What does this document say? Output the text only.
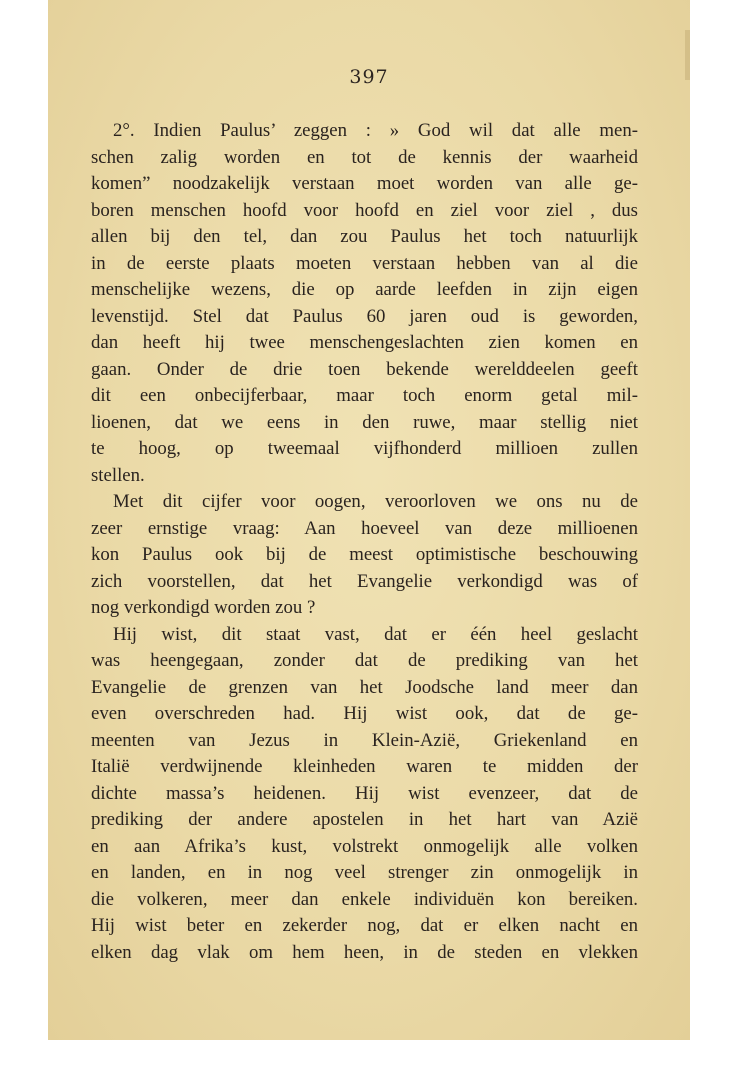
397

2°. Indien Paulus’ zeggen : » God wil dat alle men-
schen zalig worden en tot de kennis der waarheid
komen” noodzakelijk verstaan moet worden van alle ge-
boren menschen hoofd voor hoofd en ziel voor ziel , dus
allen bij den tel, dan zou Paulus het toch natuurlijk
in de eerste plaats moeten verstaan hebben van al die
menschelijke wezens, die op aarde leefden in zijn eigen
levenstijd. Stel dat Paulus 60 jaren oud is geworden,
dan heeft hij twee menschengeslachten zien komen en
gaan. Onder de drie toen bekende werelddeelen geeft
dit een onbecijferbaar, maar toch enorm getal mil-
lioenen, dat we eens in den ruwe, maar stellig niet
te hoog, op tweemaal vijfhonderd millioen zullen
stellen.
Met dit cijfer voor oogen, veroorloven we ons nu de
zeer ernstige vraag: Aan hoeveel van deze millioenen
kon Paulus ook bij de meest optimistische beschouwing
zich voorstellen, dat het Evangelie verkondigd was of
nog verkondigd worden zou ?
Hij wist, dit staat vast, dat er één heel geslacht
was heengegaan, zonder dat de prediking van het
Evangelie de grenzen van het Joodsche land meer dan
even overschreden had. Hij wist ook, dat de ge-
meenten van Jezus in Klein-Azië, Griekenland en
Italië verdwijnende kleinheden waren te midden der
dichte massa’s heidenen. Hij wist evenzeer, dat de
prediking der andere apostelen in het hart van Azië
en aan Afrika’s kust, volstrekt onmogelijk alle volken
en landen, en in nog veel strenger zin onmogelijk in
die volkeren, meer dan enkele individuën kon bereiken.
Hij wist beter en zekerder nog, dat er elken nacht en
elken dag vlak om hem heen, in de steden en vlekken
